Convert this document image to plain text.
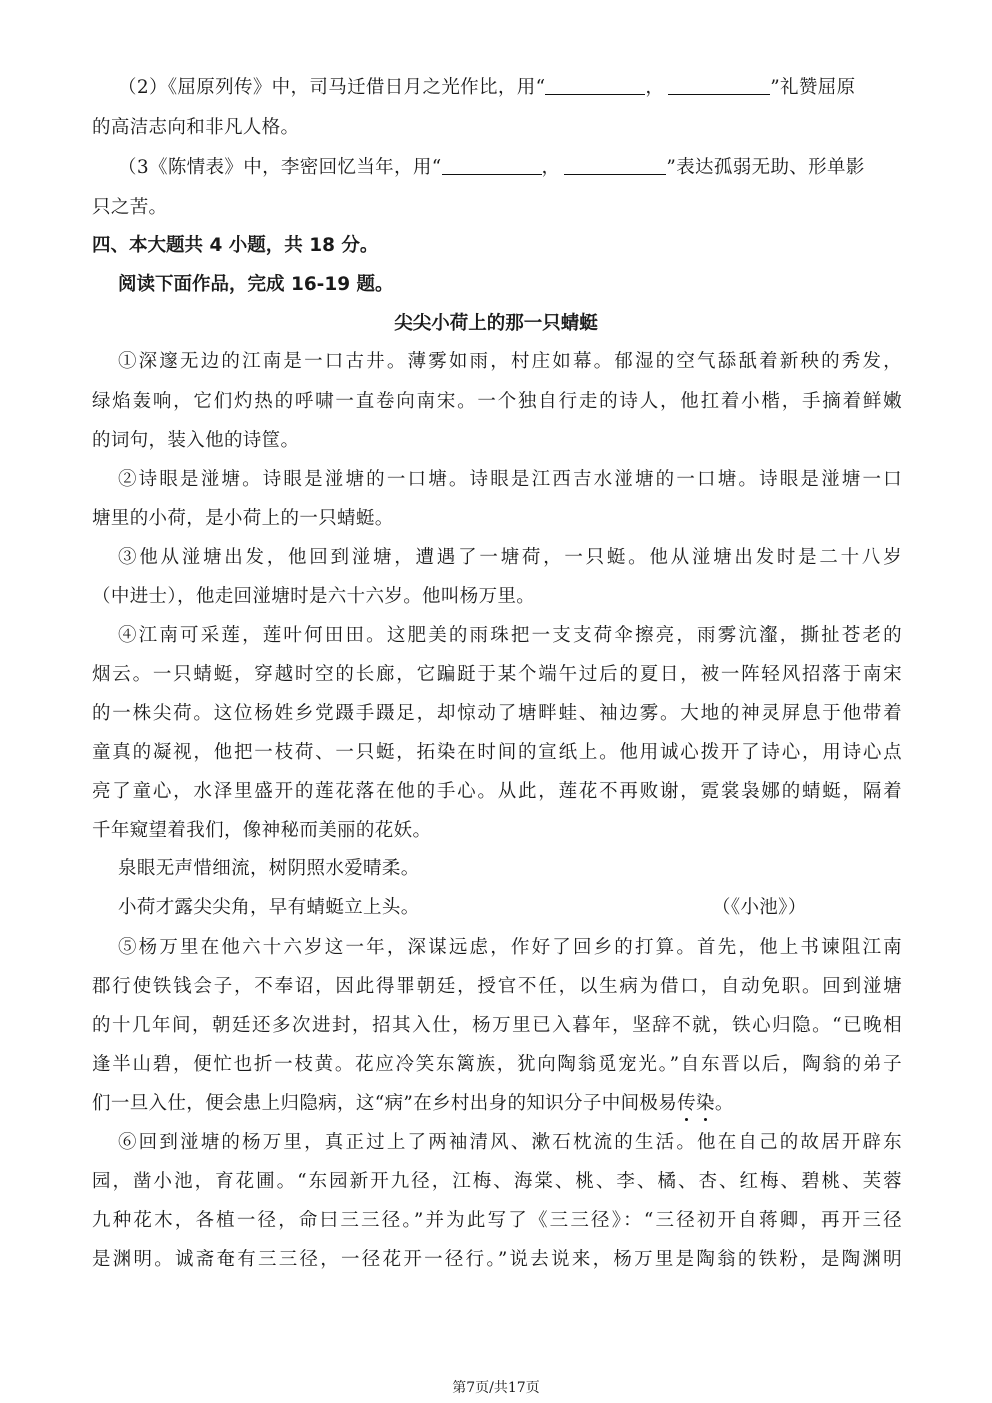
（2）《屈原列传》中，司马迁借日月之光作比，用“	，	”礼赞屈原
的高洁志向和非凡人格。
（3《陈情表》中，李密回忆当年，用“	，	”表达孤弱无助、形单影
只之苦。
四、本大题共 4 小题，共 18 分。
阅读下面作品，完成 16-19 题。
尖尖小荷上的那一只蜻蜓
①深邃无边的江南是一口古井。薄雾如雨，村庄如幕。郁湿的空气舔舐着新秧的秀发，
绿焰轰响，它们灼热的呼啸一直卷向南宋。一个独自行走的诗人，他扛着小楷，手摘着鲜嫩
的词句，装入他的诗筐。
②诗眼是湴塘。诗眼是湴塘的一口塘。诗眼是江西吉水湴塘的一口塘。诗眼是湴塘一口
塘里的小荷，是小荷上的一只蜻蜓。
③他从湴塘出发，他回到湴塘，遭遇了一塘荷，一只蜓。他从湴塘出发时是二十八岁
（中进士），他走回湴塘时是六十六岁。他叫杨万里。
④江南可采莲，莲叶何田田。这肥美的雨珠把一支支荷伞擦亮，雨雾沆瀣，撕扯苍老的
烟云。一只蜻蜓，穿越时空的长廊，它蹁跹于某个端午过后的夏日，被一阵轻风招落于南宋
的一株尖荷。这位杨姓乡党蹑手蹑足，却惊动了塘畔蛙、袖边雾。大地的神灵屏息于他带着
童真的凝视，他把一枝荷、一只蜓，拓染在时间的宣纸上。他用诚心拨开了诗心，用诗心点
亮了童心，水泽里盛开的莲花落在他的手心。从此，莲花不再败谢，霓裳袅娜的蜻蜓，隔着
千年窥望着我们，像神秘而美丽的花妖。
泉眼无声惜细流，树阴照水爱晴柔。
小荷才露尖尖角，早有蜻蜓立上头。	（《小池》）
⑤杨万里在他六十六岁这一年，深谋远虑，作好了回乡的打算。首先，他上书谏阻江南
郡行使铁钱会子，不奉诏，因此得罪朝廷，授官不任，以生病为借口，自动免职。回到湴塘
的十几年间，朝廷还多次进封，招其入仕，杨万里已入暮年，坚辞不就，铁心归隐。“已晚相
逢半山碧，便忙也折一枝黄。花应冷笑东篱族，犹向陶翁觅宠光。”自东晋以后，陶翁的弟子
们一旦入仕，便会患上归隐病，这“病”在乡村出身的知识分子中间极易传染。
⑥回到湴塘的杨万里，真正过上了两袖清风、漱石枕流的生活。他在自己的故居开辟东
园，凿小池，育花圃。“东园新开九径，江梅、海棠、桃、李、橘、杏、红梅、碧桃、芙蓉
九种花木，各植一径，命曰三三径。”并为此写了《三三径》：“三径初开自蒋卿，再开三径
是渊明。诚斋奄有三三径，一径花开一径行。”说去说来，杨万里是陶翁的铁粉，是陶渊明
第7页/共17页
